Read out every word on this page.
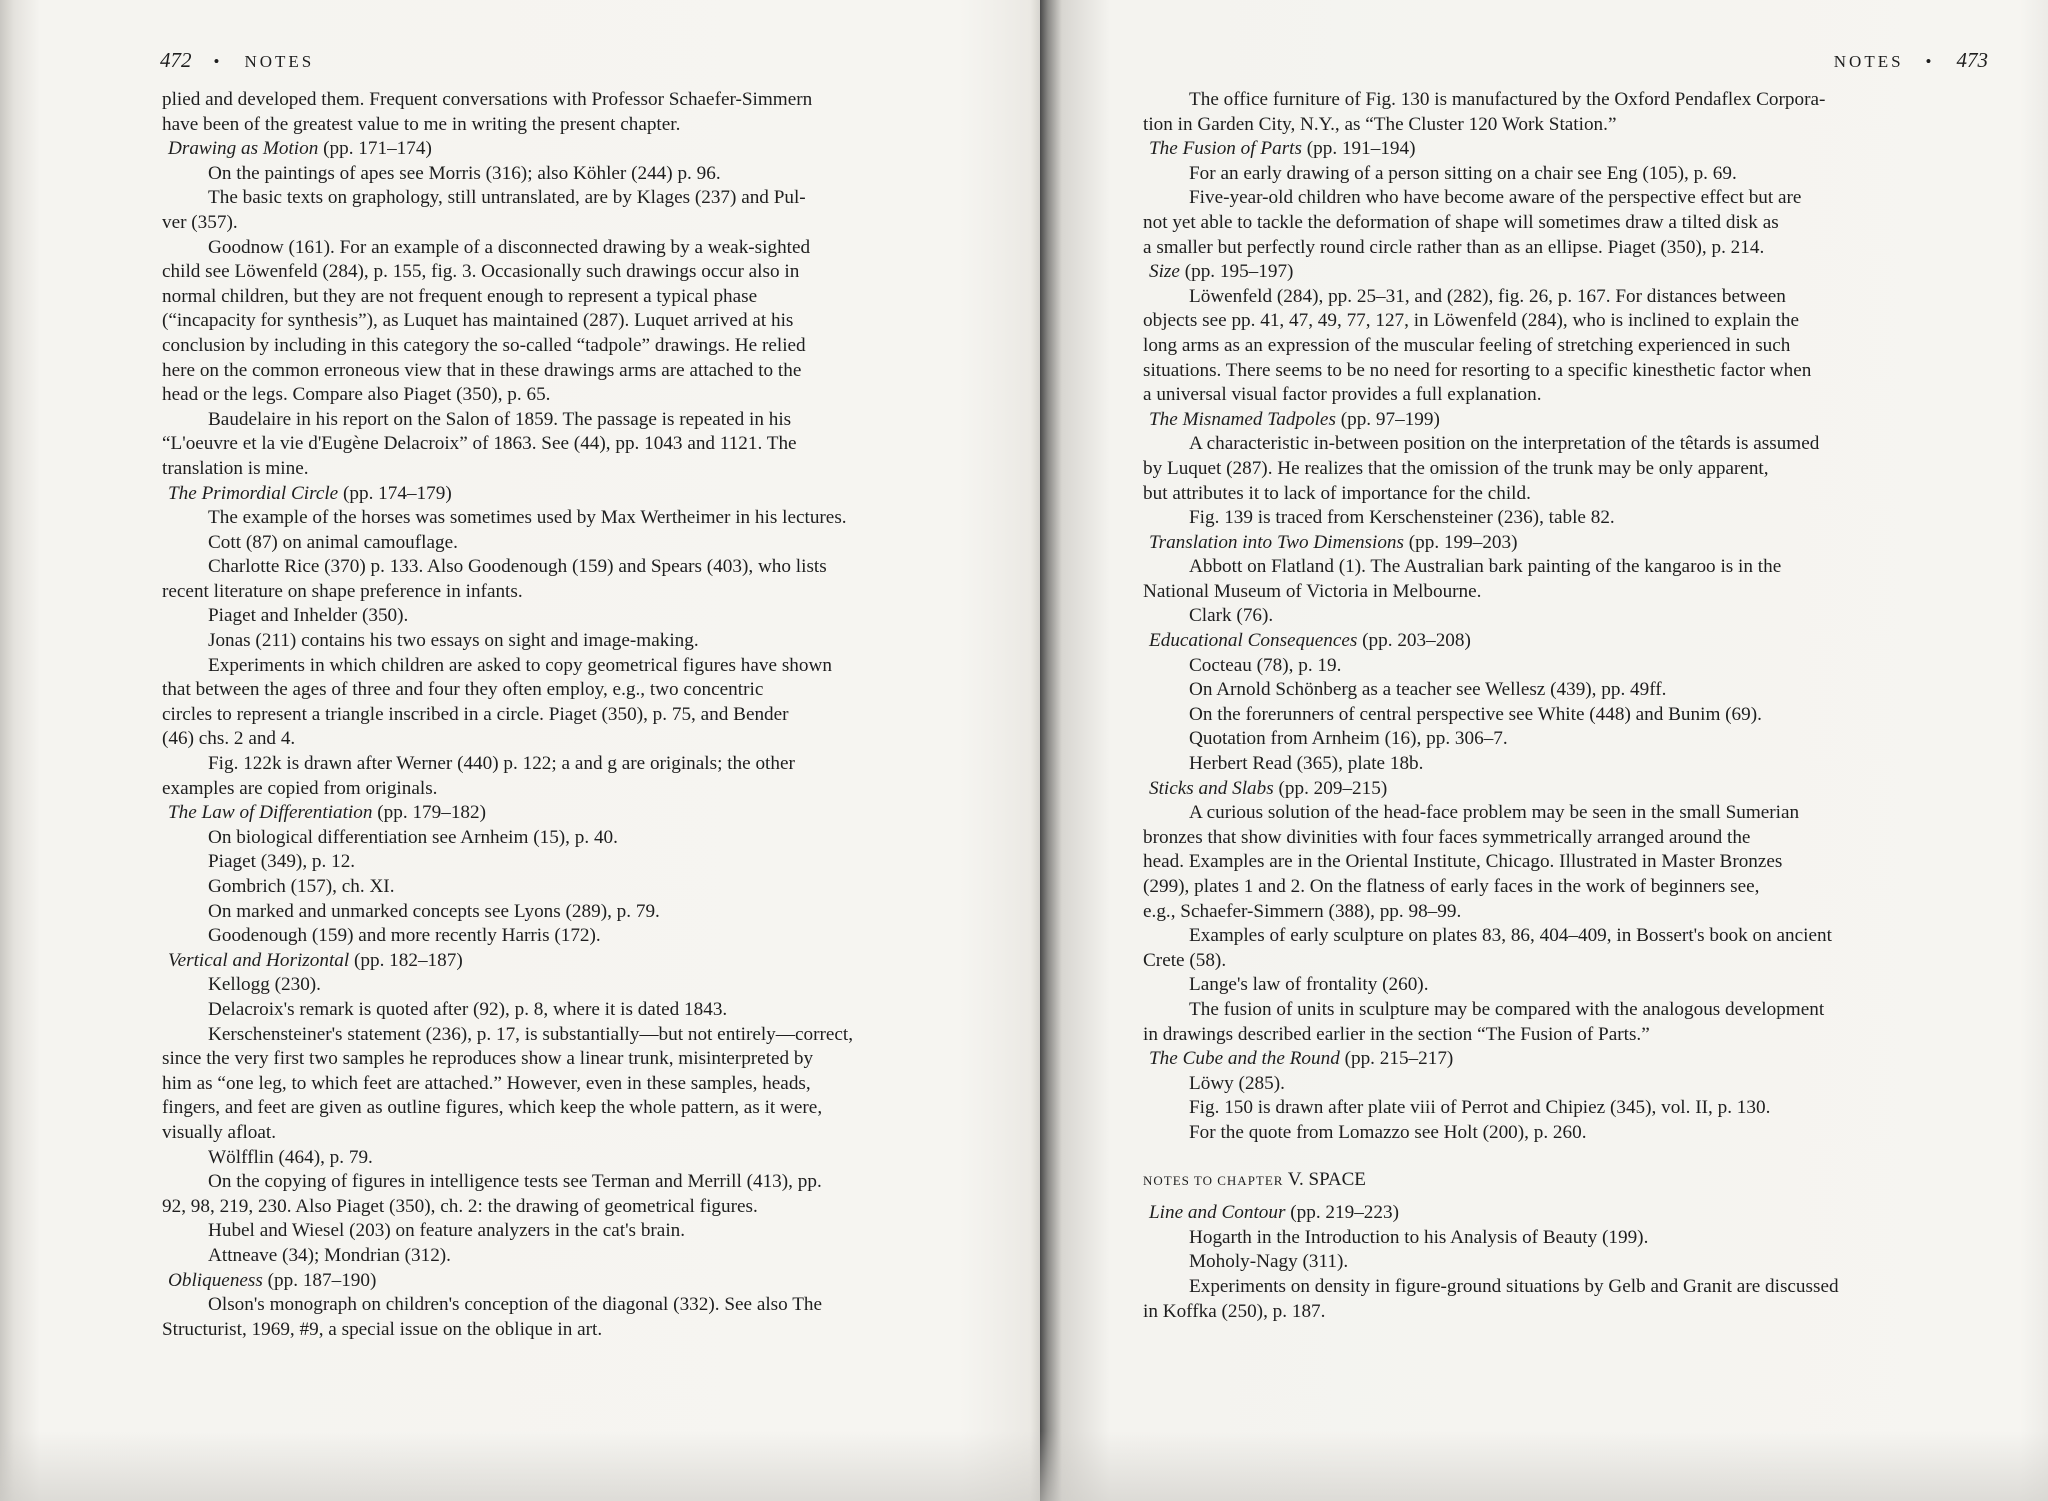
472 • NOTES
plied and developed them. Frequent conversations with Professor Schaefer-Simmern
have been of the greatest value to me in writing the present chapter.
Drawing as Motion (pp. 171–174)
On the paintings of apes see Morris (316); also Köhler (244) p. 96.
The basic texts on graphology, still untranslated, are by Klages (237) and Pul-
ver (357).
Goodnow (161). For an example of a disconnected drawing by a weak-sighted
child see Löwenfeld (284), p. 155, fig. 3. Occasionally such drawings occur also in
normal children, but they are not frequent enough to represent a typical phase
(“incapacity for synthesis”), as Luquet has maintained (287). Luquet arrived at his
conclusion by including in this category the so-called “tadpole” drawings. He relied
here on the common erroneous view that in these drawings arms are attached to the
head or the legs. Compare also Piaget (350), p. 65.
Baudelaire in his report on the Salon of 1859. The passage is repeated in his
“L'oeuvre et la vie d'Eugène Delacroix” of 1863. See (44), pp. 1043 and 1121. The
translation is mine.
The Primordial Circle (pp. 174–179)
The example of the horses was sometimes used by Max Wertheimer in his lectures.
Cott (87) on animal camouflage.
Charlotte Rice (370) p. 133. Also Goodenough (159) and Spears (403), who lists
recent literature on shape preference in infants.
Piaget and Inhelder (350).
Jonas (211) contains his two essays on sight and image-making.
Experiments in which children are asked to copy geometrical figures have shown
that between the ages of three and four they often employ, e.g., two concentric
circles to represent a triangle inscribed in a circle. Piaget (350), p. 75, and Bender
(46) chs. 2 and 4.
Fig. 122k is drawn after Werner (440) p. 122; a and g are originals; the other
examples are copied from originals.
The Law of Differentiation (pp. 179–182)
On biological differentiation see Arnheim (15), p. 40.
Piaget (349), p. 12.
Gombrich (157), ch. XI.
On marked and unmarked concepts see Lyons (289), p. 79.
Goodenough (159) and more recently Harris (172).
Vertical and Horizontal (pp. 182–187)
Kellogg (230).
Delacroix's remark is quoted after (92), p. 8, where it is dated 1843.
Kerschensteiner's statement (236), p. 17, is substantially—but not entirely—correct,
since the very first two samples he reproduces show a linear trunk, misinterpreted by
him as “one leg, to which feet are attached.” However, even in these samples, heads,
fingers, and feet are given as outline figures, which keep the whole pattern, as it were,
visually afloat.
Wölfflin (464), p. 79.
On the copying of figures in intelligence tests see Terman and Merrill (413), pp.
92, 98, 219, 230. Also Piaget (350), ch. 2: the drawing of geometrical figures.
Hubel and Wiesel (203) on feature analyzers in the cat's brain.
Attneave (34); Mondrian (312).
Obliqueness (pp. 187–190)
Olson's monograph on children's conception of the diagonal (332). See also The
Structurist, 1969, #9, a special issue on the oblique in art.
NOTES • 473
The office furniture of Fig. 130 is manufactured by the Oxford Pendaflex Corpora-
tion in Garden City, N.Y., as “The Cluster 120 Work Station.”
The Fusion of Parts (pp. 191–194)
For an early drawing of a person sitting on a chair see Eng (105), p. 69.
Five-year-old children who have become aware of the perspective effect but are
not yet able to tackle the deformation of shape will sometimes draw a tilted disk as
a smaller but perfectly round circle rather than as an ellipse. Piaget (350), p. 214.
Size (pp. 195–197)
Löwenfeld (284), pp. 25–31, and (282), fig. 26, p. 167. For distances between
objects see pp. 41, 47, 49, 77, 127, in Löwenfeld (284), who is inclined to explain the
long arms as an expression of the muscular feeling of stretching experienced in such
situations. There seems to be no need for resorting to a specific kinesthetic factor when
a universal visual factor provides a full explanation.
The Misnamed Tadpoles (pp. 97–199)
A characteristic in-between position on the interpretation of the têtards is assumed
by Luquet (287). He realizes that the omission of the trunk may be only apparent,
but attributes it to lack of importance for the child.
Fig. 139 is traced from Kerschensteiner (236), table 82.
Translation into Two Dimensions (pp. 199–203)
Abbott on Flatland (1). The Australian bark painting of the kangaroo is in the
National Museum of Victoria in Melbourne.
Clark (76).
Educational Consequences (pp. 203–208)
Cocteau (78), p. 19.
On Arnold Schönberg as a teacher see Wellesz (439), pp. 49ff.
On the forerunners of central perspective see White (448) and Bunim (69).
Quotation from Arnheim (16), pp. 306–7.
Herbert Read (365), plate 18b.
Sticks and Slabs (pp. 209–215)
A curious solution of the head-face problem may be seen in the small Sumerian
bronzes that show divinities with four faces symmetrically arranged around the
head. Examples are in the Oriental Institute, Chicago. Illustrated in Master Bronzes
(299), plates 1 and 2. On the flatness of early faces in the work of beginners see,
e.g., Schaefer-Simmern (388), pp. 98–99.
Examples of early sculpture on plates 83, 86, 404–409, in Bossert's book on ancient
Crete (58).
Lange's law of frontality (260).
The fusion of units in sculpture may be compared with the analogous development
in drawings described earlier in the section “The Fusion of Parts.”
The Cube and the Round (pp. 215–217)
Löwy (285).
Fig. 150 is drawn after plate viii of Perrot and Chipiez (345), vol. II, p. 130.
For the quote from Lomazzo see Holt (200), p. 260.
NOTES TO CHAPTER V. SPACE
Line and Contour (pp. 219–223)
Hogarth in the Introduction to his Analysis of Beauty (199).
Moholy-Nagy (311).
Experiments on density in figure-ground situations by Gelb and Granit are discussed
in Koffka (250), p. 187.
